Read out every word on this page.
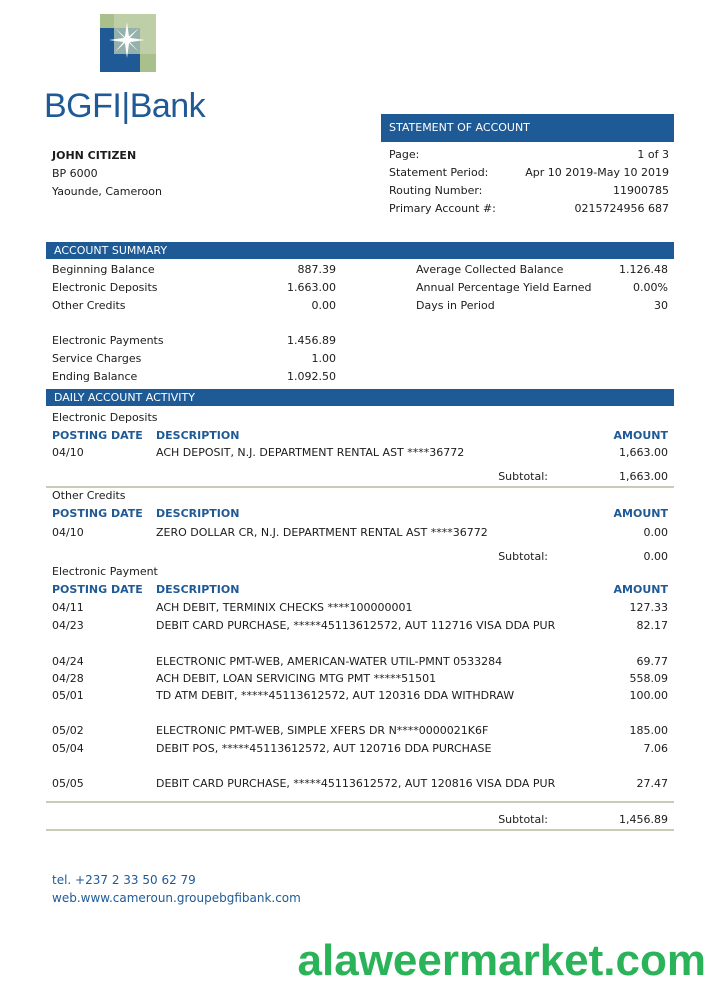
BGFI|Bank
STATEMENT OF ACCOUNT
Page:	1 of 3
Statement Period:	Apr 10 2019-May 10 2019
Routing Number:	11900785
Primary Account #:	0215724956 687
JOHN CITIZEN
BP 6000
Yaounde, Cameroon
ACCOUNT SUMMARY
Beginning Balance	887.39
Electronic Deposits	1.663.00
Other Credits	0.00
Electronic Payments	1.456.89
Service Charges	1.00
Ending Balance	1.092.50
Average Collected Balance	1.126.48
Annual Percentage Yield Earned	0.00%
Days in Period	30
DAILY ACCOUNT ACTIVITY
Electronic Deposits
POSTING DATE DESCRIPTION	AMOUNT
04/10	ACH DEPOSIT, N.J. DEPARTMENT RENTAL AST ****36772	1,663.00
Subtotal:	1,663.00
Other Credits
POSTING DATE DESCRIPTION	AMOUNT
04/10	ZERO DOLLAR CR, N.J. DEPARTMENT RENTAL AST ****36772	0.00
Subtotal:	0.00
Electronic Payment
POSTING DATE DESCRIPTION	AMOUNT
04/11	ACH DEBIT, TERMINIX CHECKS ****100000001	127.33
04/23	DEBIT CARD PURCHASE, *****45113612572, AUT 112716 VISA DDA PUR	82.17
04/24	ELECTRONIC PMT-WEB, AMERICAN-WATER UTIL-PMNT 0533284	69.77
04/28	ACH DEBIT, LOAN SERVICING MTG PMT *****51501	558.09
05/01	TD ATM DEBIT, *****45113612572, AUT 120316 DDA WITHDRAW	100.00
05/02	ELECTRONIC PMT-WEB, SIMPLE XFERS DR N****0000021K6F	185.00
05/04	DEBIT POS, *****45113612572, AUT 120716 DDA PURCHASE	7.06
05/05	DEBIT CARD PURCHASE, *****45113612572, AUT 120816 VISA DDA PUR	27.47
Subtotal:	1,456.89
tel. +237 2 33 50 62 79
web.www.cameroun.groupebgfibank.com
alaweermarket.com
